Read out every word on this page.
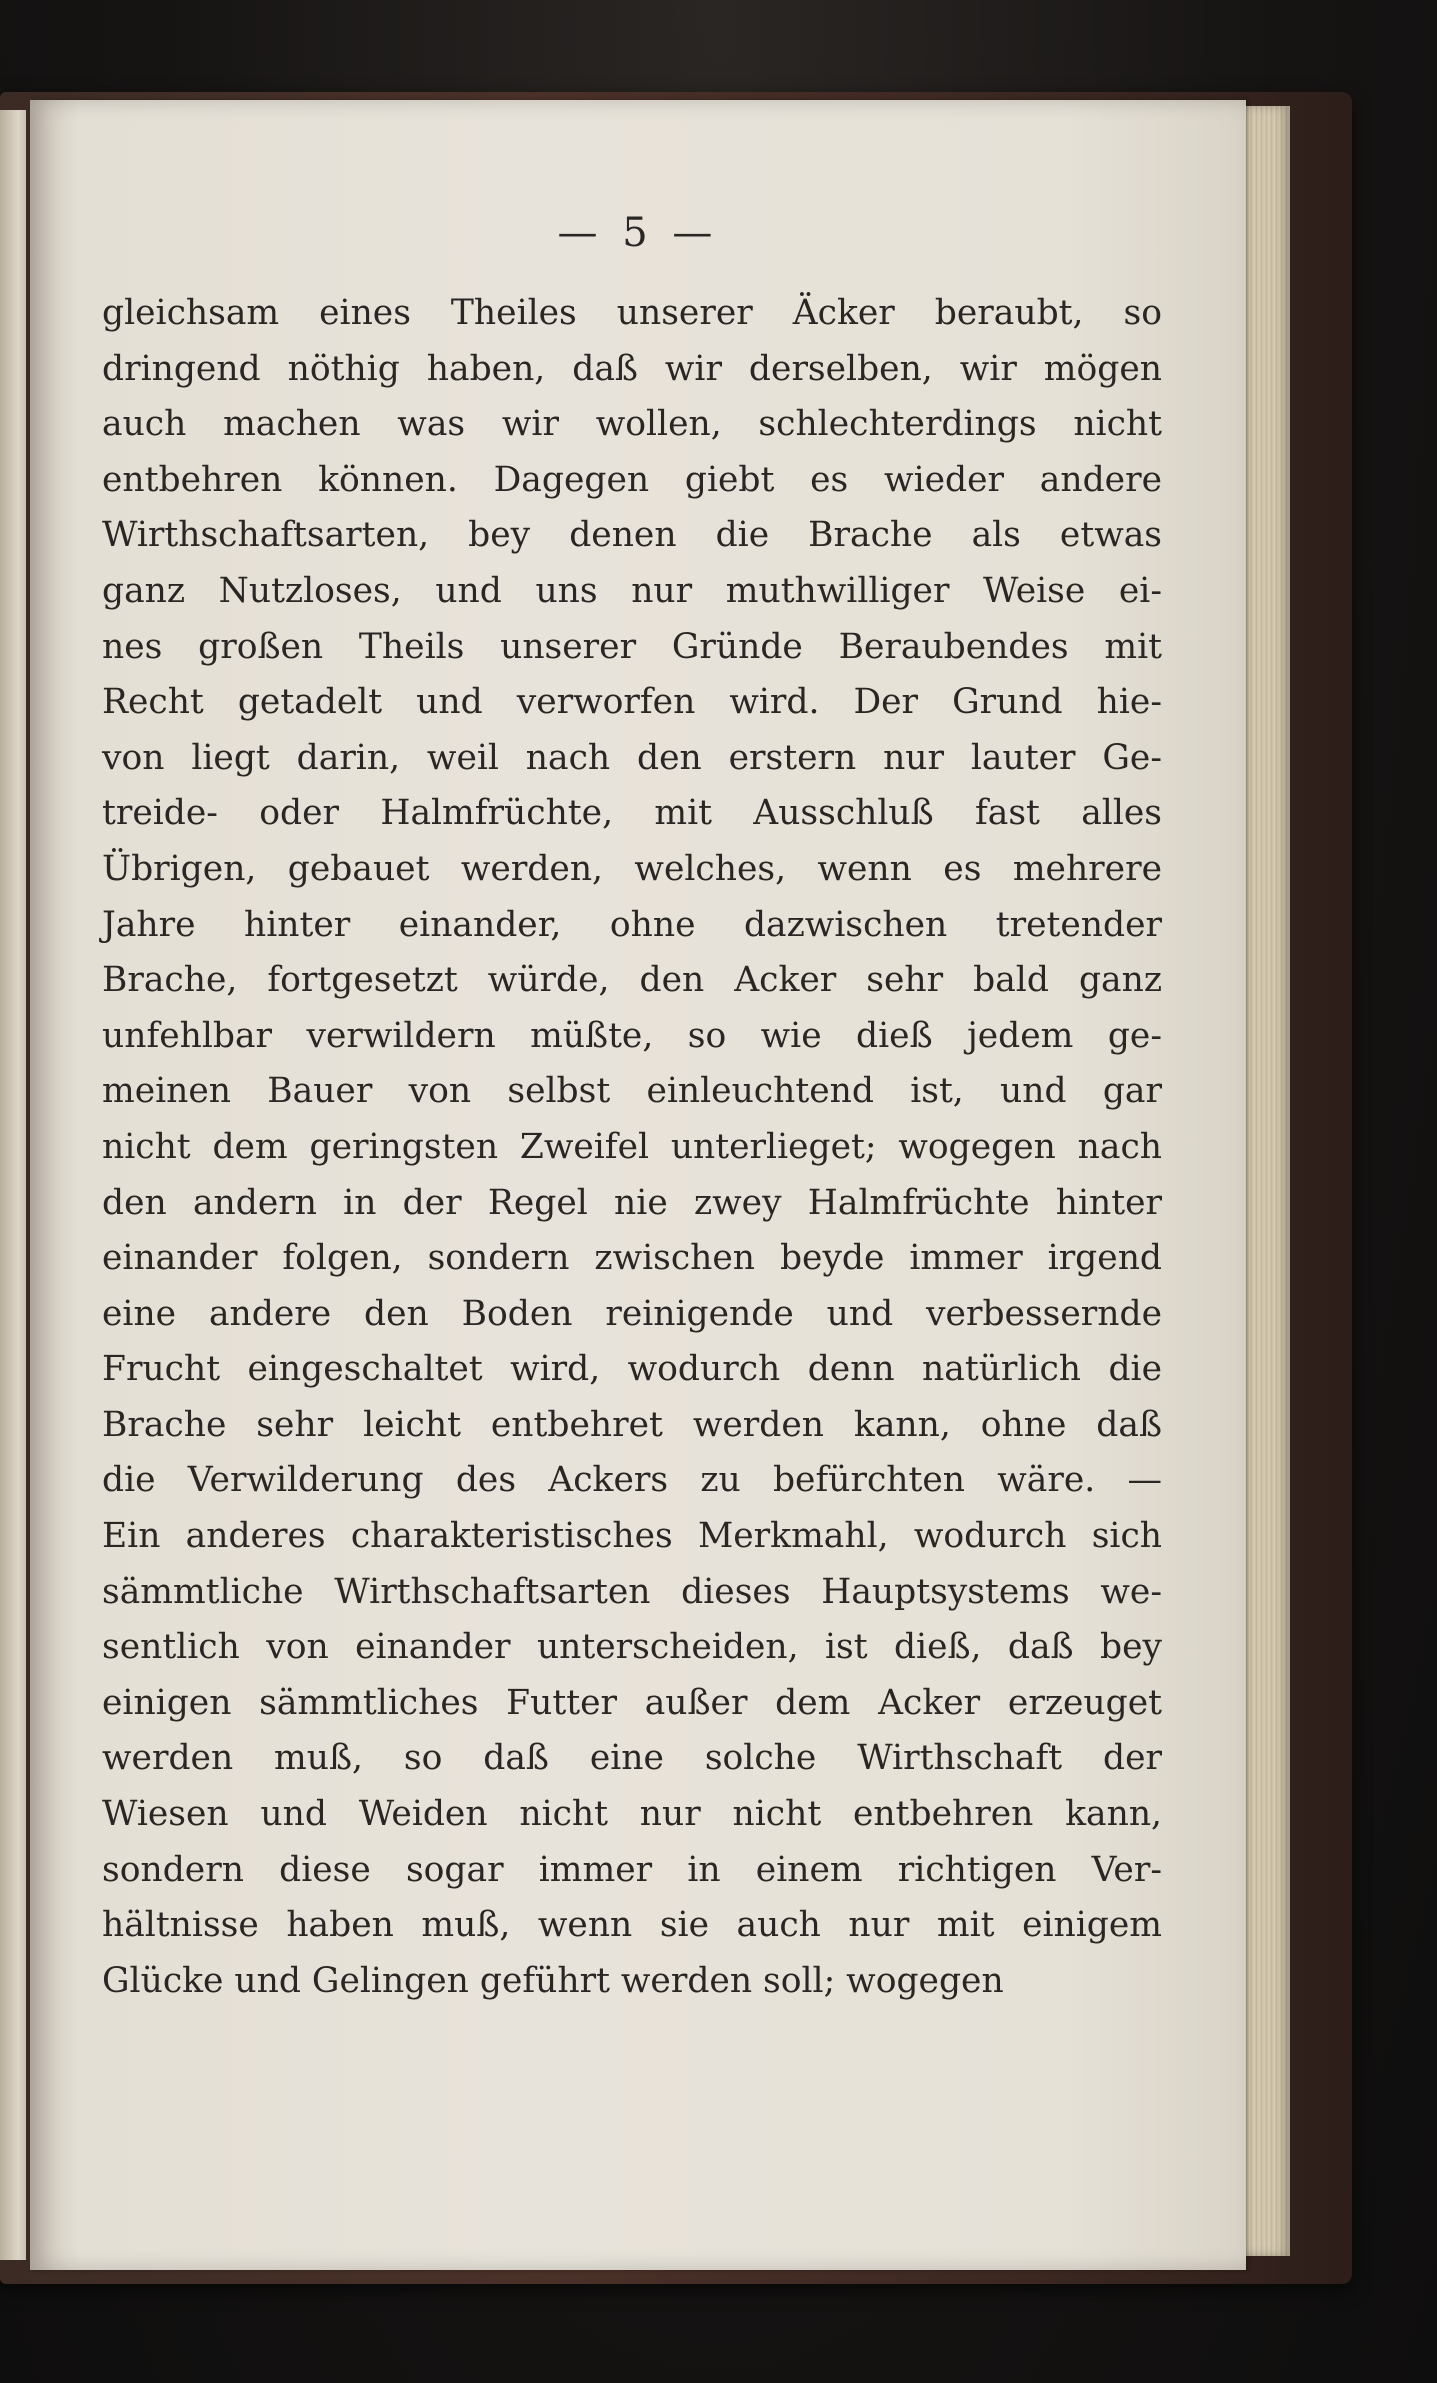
— 5 —
gleichsam eines Theiles unserer Äcker beraubt, so
dringend nöthig haben, daß wir derselben, wir mögen
auch machen was wir wollen, schlechterdings nicht
entbehren können. Dagegen giebt es wieder andere
Wirthschaftsarten, bey denen die Brache als etwas
ganz Nutzloses, und uns nur muthwilliger Weise ei-
nes großen Theils unserer Gründe Beraubendes mit
Recht getadelt und verworfen wird. Der Grund hie-
von liegt darin, weil nach den erstern nur lauter Ge-
treide- oder Halmfrüchte, mit Ausschluß fast alles
Übrigen, gebauet werden, welches, wenn es mehrere
Jahre hinter einander, ohne dazwischen tretender
Brache, fortgesetzt würde, den Acker sehr bald ganz
unfehlbar verwildern müßte, so wie dieß jedem ge-
meinen Bauer von selbst einleuchtend ist, und gar
nicht dem geringsten Zweifel unterlieget; wogegen nach
den andern in der Regel nie zwey Halmfrüchte hinter
einander folgen, sondern zwischen beyde immer irgend
eine andere den Boden reinigende und verbessernde
Frucht eingeschaltet wird, wodurch denn natürlich die
Brache sehr leicht entbehret werden kann, ohne daß
die Verwilderung des Ackers zu befürchten wäre. —
Ein anderes charakteristisches Merkmahl, wodurch sich
sämmtliche Wirthschaftsarten dieses Hauptsystems we-
sentlich von einander unterscheiden, ist dieß, daß bey
einigen sämmtliches Futter außer dem Acker erzeuget
werden muß, so daß eine solche Wirthschaft der
Wiesen und Weiden nicht nur nicht entbehren kann,
sondern diese sogar immer in einem richtigen Ver-
hältnisse haben muß, wenn sie auch nur mit einigem
Glücke und Gelingen geführt werden soll; wogegen
